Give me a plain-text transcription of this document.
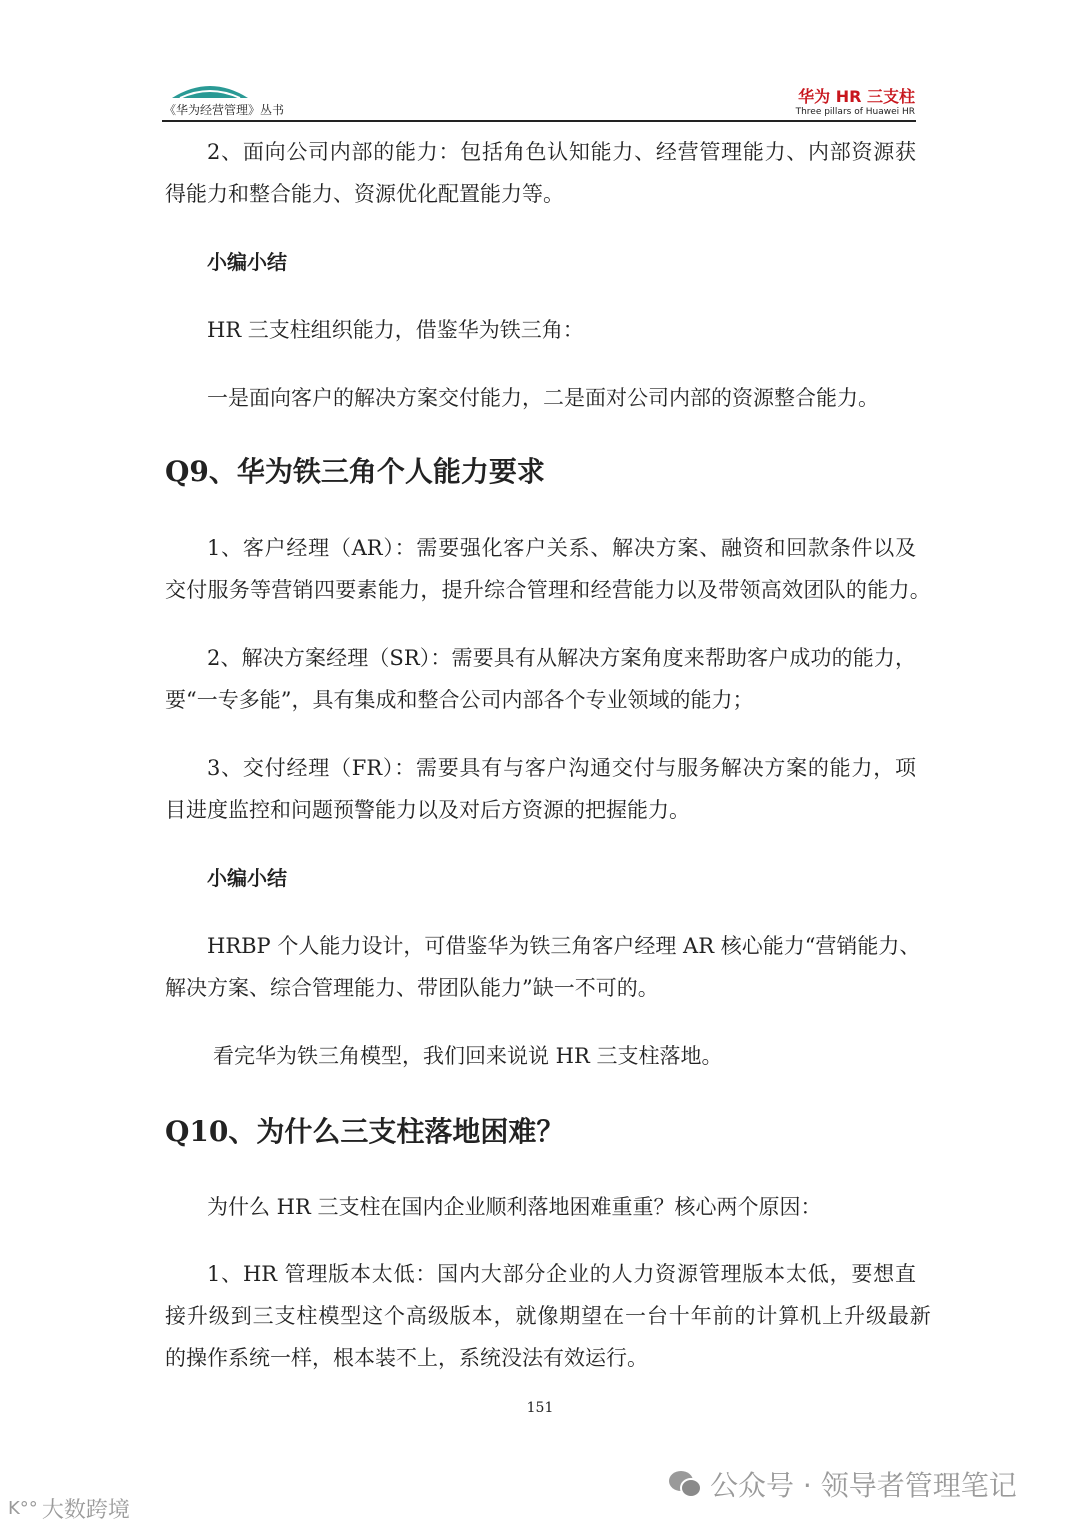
《华为经营管理》丛书
华为 HR 三支柱
Three pillars of Huawei HR
2、面向公司内部的能力：包括角色认知能力、经营管理能力、内部资源获
得能力和整合能力、资源优化配置能力等。
小编小结
HR 三支柱组织能力，借鉴华为铁三角：
一是面向客户的解决方案交付能力，二是面对公司内部的资源整合能力。
Q9、华为铁三角个人能力要求
1、客户经理（AR）：需要强化客户关系、解决方案、融资和回款条件以及
交付服务等营销四要素能力，提升综合管理和经营能力以及带领高效团队的能力。
2、解决方案经理（SR）：需要具有从解决方案角度来帮助客户成功的能力，
要“一专多能”，具有集成和整合公司内部各个专业领域的能力；
3、交付经理（FR）：需要具有与客户沟通交付与服务解决方案的能力，项
目进度监控和问题预警能力以及对后方资源的把握能力。
小编小结
HRBP 个人能力设计，可借鉴华为铁三角客户经理 AR 核心能力“营销能力、
解决方案、综合管理能力、带团队能力”缺一不可的。
看完华为铁三角模型，我们回来说说 HR 三支柱落地。
Q10、为什么三支柱落地困难？
为什么 HR 三支柱在国内企业顺利落地困难重重？核心两个原因：
1、HR 管理版本太低：国内大部分企业的人力资源管理版本太低，要想直
接升级到三支柱模型这个高级版本，就像期望在一台十年前的计算机上升级最新
的操作系统一样，根本装不上，系统没法有效运行。
151
公众号 · 领导者管理笔记
K°° 大数跨境
